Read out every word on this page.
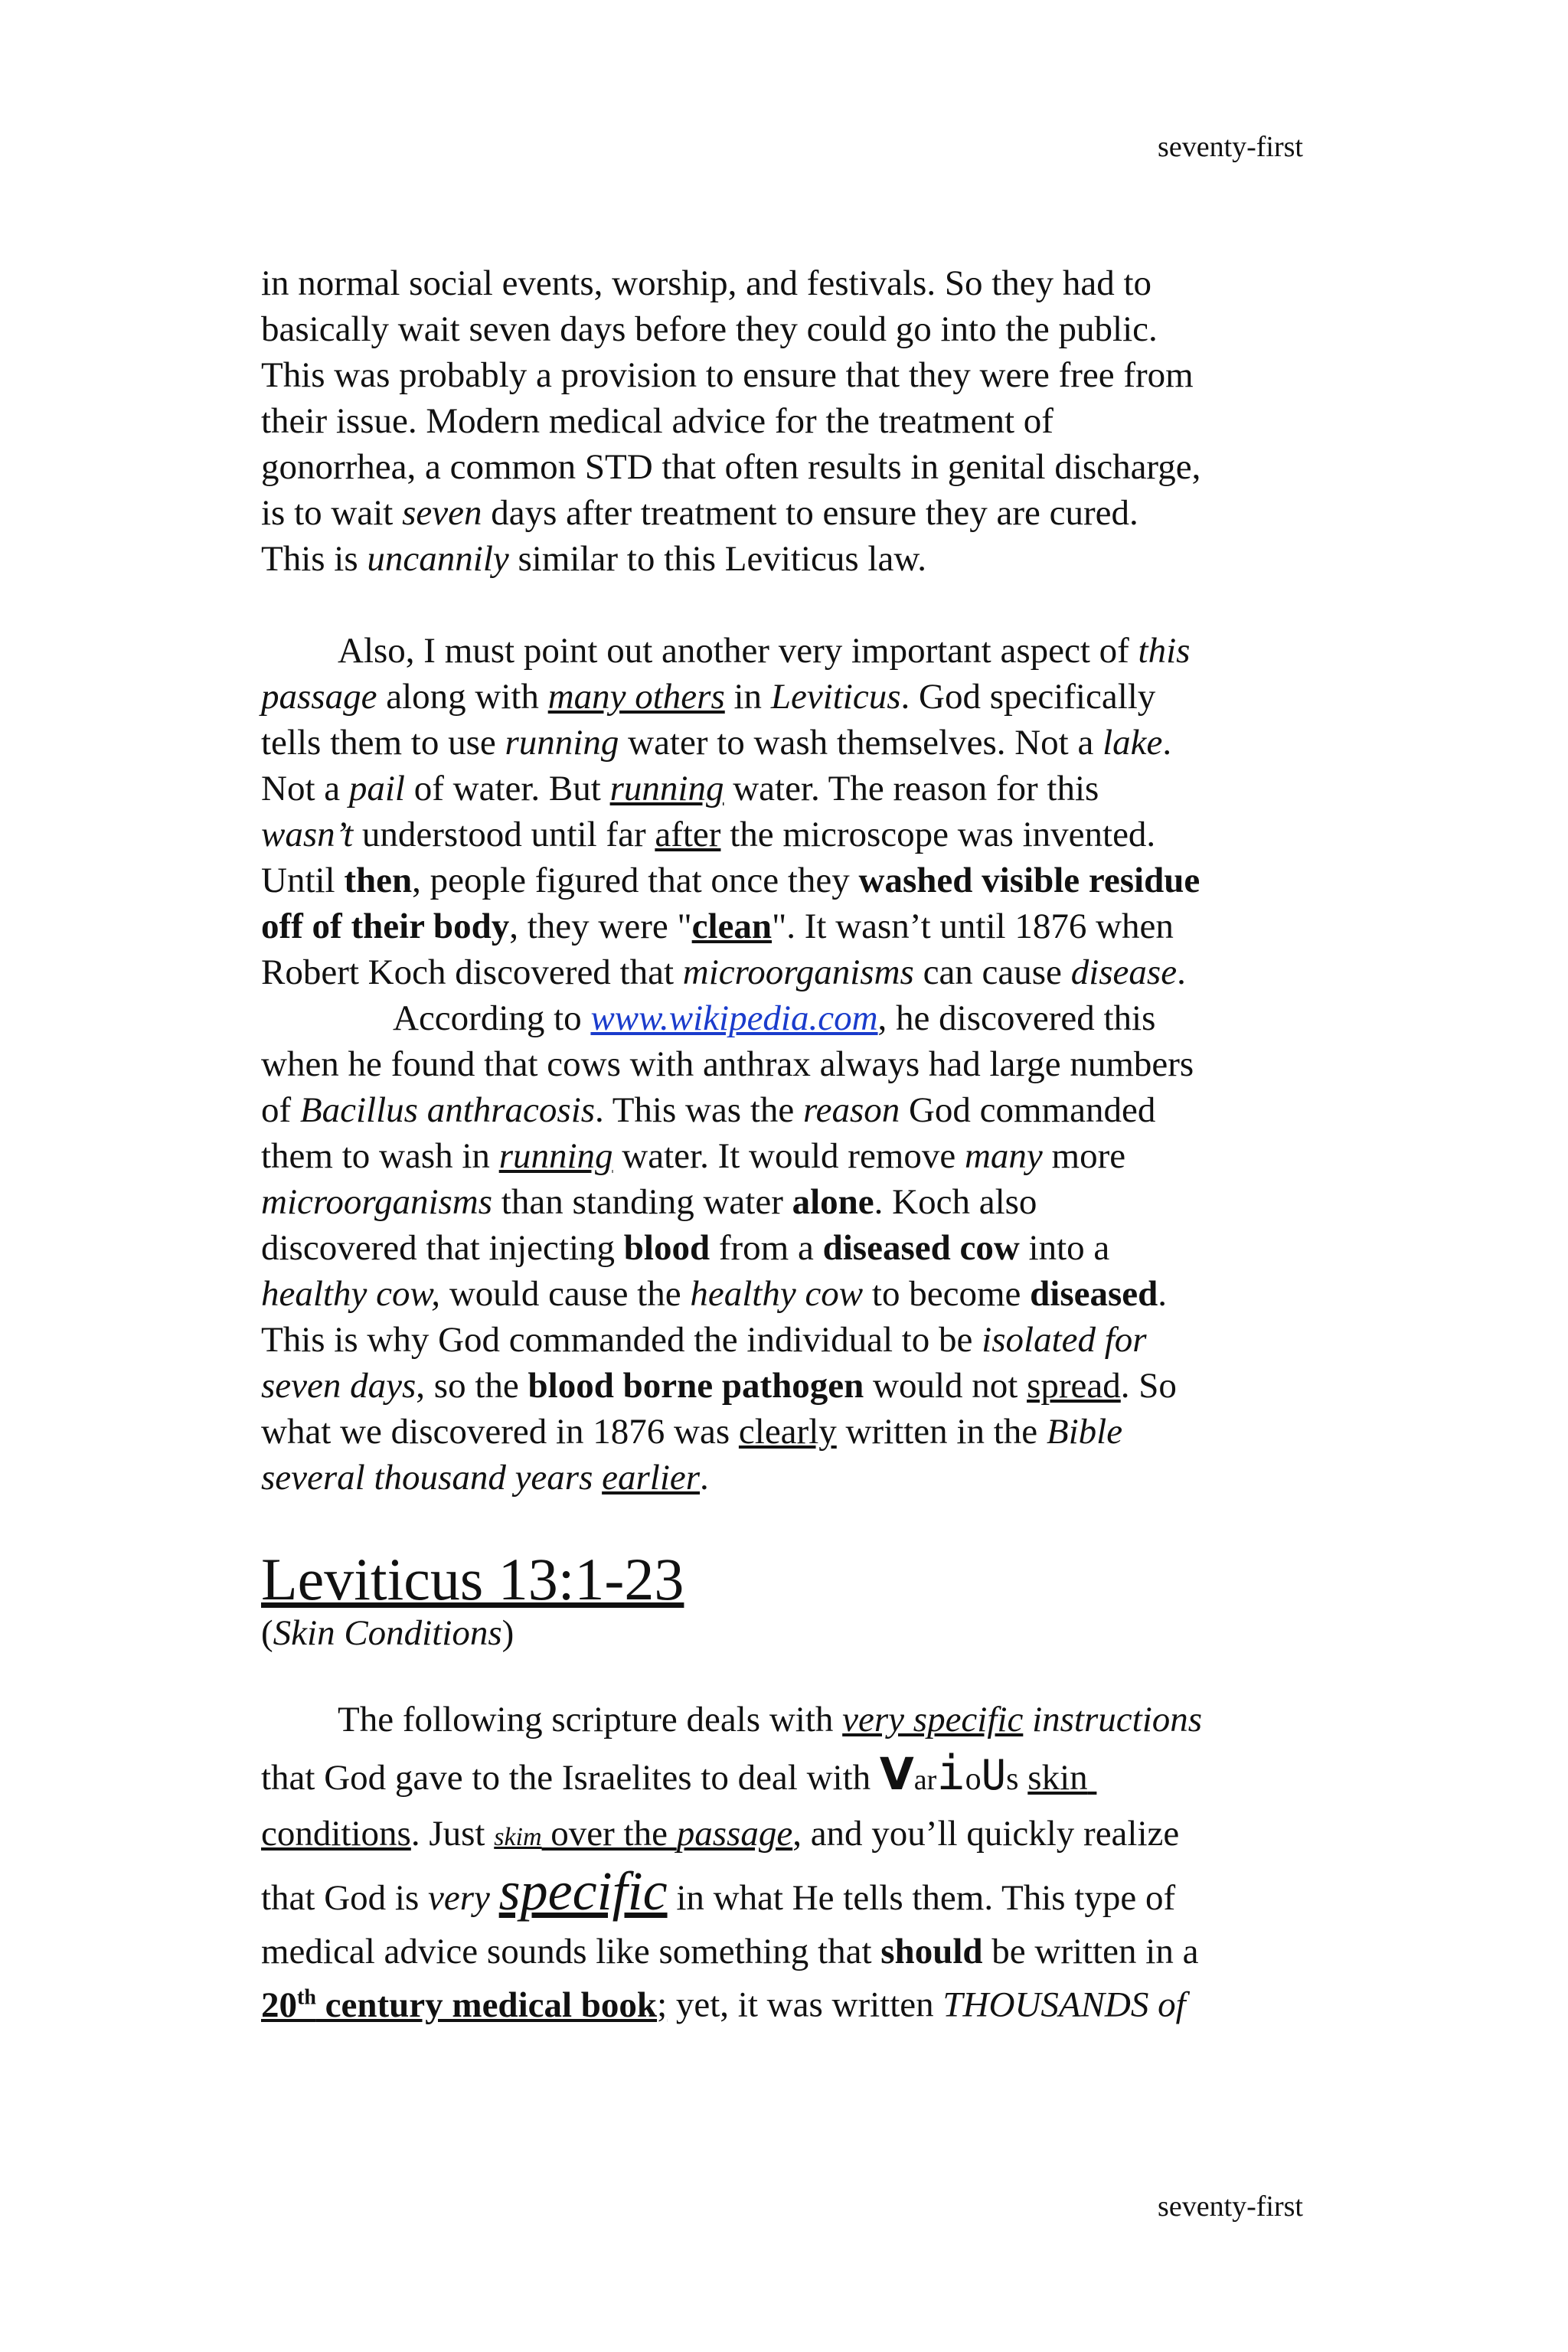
seventy-first
in normal social events, worship, and festivals. So they had to
basically wait seven days before they could go into the public.
This was probably a provision to ensure that they were free from
their issue. Modern medical advice for the treatment of
gonorrhea, a common STD that often results in genital discharge,
is to wait seven days after treatment to ensure they are cured.
This is uncannily similar to this Leviticus law.
Also, I must point out another very important aspect of this
passage along with many others in Leviticus. God specifically
tells them to use running water to wash themselves. Not a lake.
Not a pail of water. But running water. The reason for this
wasn’t understood until far after the microscope was invented.
Until then, people figured that once they washed visible residue
off of their body, they were "clean". It wasn’t until 1876 when
Robert Koch discovered that microorganisms can cause disease.
According to www.wikipedia.com, he discovered this
when he found that cows with anthrax always had large numbers
of Bacillus anthracosis. This was the reason God commanded
them to wash in running water. It would remove many more
microorganisms than standing water alone. Koch also
discovered that injecting blood from a diseased cow into a
healthy cow, would cause the healthy cow to become diseased.
This is why God commanded the individual to be isolated for
seven days, so the blood borne pathogen would not spread. So
what we discovered in 1876 was clearly written in the Bible
several thousand years earlier.
Leviticus 13:1-23
(Skin Conditions)
The following scripture deals with very specific instructions
that God gave to the Israelites to deal with VarioUs skin
conditions. Just skim over the passage, and you’ll quickly realize
that God is very specific in what He tells them. This type of
medical advice sounds like something that should be written in a
20th century medical book; yet, it was written THOUSANDS of
seventy-first
